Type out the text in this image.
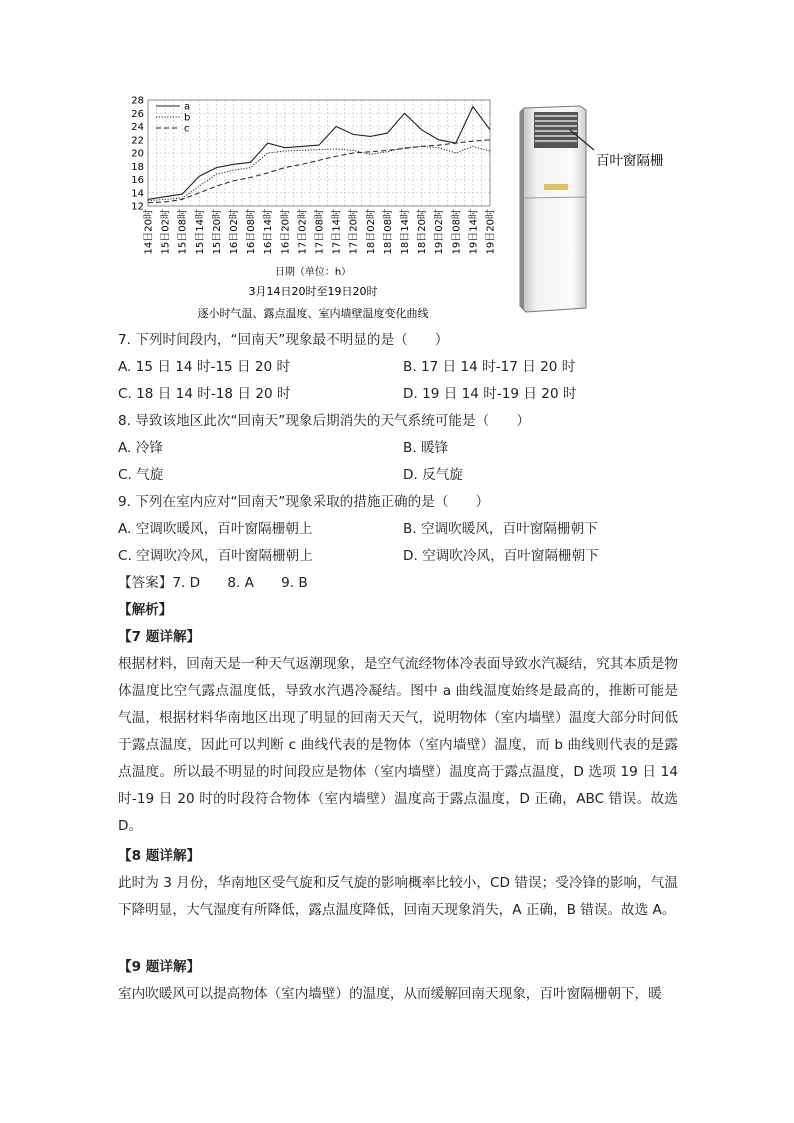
12
14
16
18
20
22
24
26
28
14日20时 15日02时 15日08时 15日14时 15日20时 16日02时 16日08时 16日14时 16日20时 17日02时 17日08时 17日14时 17日20时 18日02时 18日08时 18日14时 18日20时 19日02时 19日08时 19日14时 19日20时
a
b
c
日期（单位：h）
3月14日20时至19日20时
逐小时气温、露点温度、室内墙壁温度变化曲线
百叶窗隔栅
7. 下列时间段内，“回南天”现象最不明显的是（　　）
A. 15 日 14 时-15 日 20 时	B. 17 日 14 时-17 日 20 时
C. 18 日 14 时-18 日 20 时	D. 19 日 14 时-19 日 20 时
8. 导致该地区此次“回南天”现象后期消失的天气系统可能是（　　）
A. 冷锋	B. 暖锋
C. 气旋	D. 反气旋
9. 下列在室内应对“回南天”现象采取的措施正确的是（　　）
A. 空调吹暖风，百叶窗隔栅朝上	B. 空调吹暖风，百叶窗隔栅朝下
C. 空调吹冷风，百叶窗隔栅朝上	D. 空调吹冷风，百叶窗隔栅朝下
【答案】7. D　　8. A　　9. B
【解析】
【7 题详解】
根据材料，回南天是一种天气返潮现象，是空气流经物体冷表面导致水汽凝结，究其本质是物体温度比空气露点温度低，导致水汽遇冷凝结。图中 a 曲线温度始终是最高的，推断可能是气温，根据材料华南地区出现了明显的回南天天气，说明物体（室内墙壁）温度大部分时间低于露点温度，因此可以判断 c 曲线代表的是物体（室内墙壁）温度，而 b 曲线则代表的是露点温度。所以最不明显的时间段应是物体（室内墙壁）温度高于露点温度，D 选项 19 日 14 时-19 日 20 时的时段符合物体（室内墙壁）温度高于露点温度，D 正确，ABC 错误。故选 D。
【8 题详解】
此时为 3 月份，华南地区受气旋和反气旋的影响概率比较小，CD 错误；受冷锋的影响，气温下降明显，大气湿度有所降低，露点温度降低，回南天现象消失，A 正确，B 错误。故选 A。
【9 题详解】
室内吹暖风可以提高物体（室内墙壁）的温度，从而缓解回南天现象，百叶窗隔栅朝下，暖
